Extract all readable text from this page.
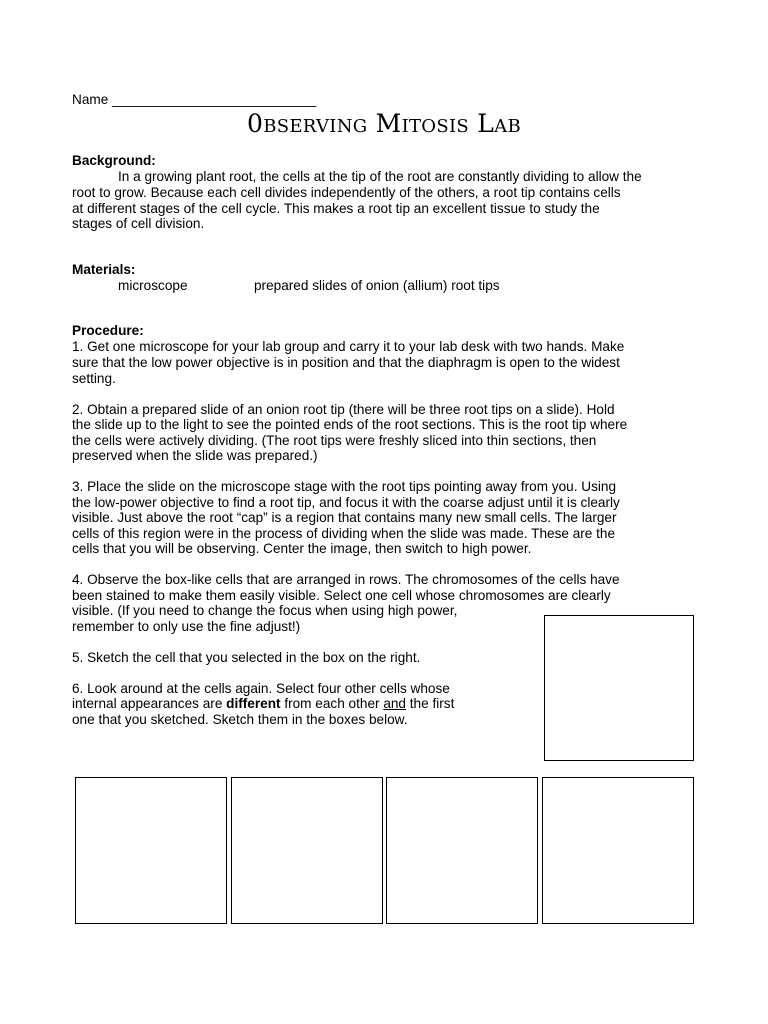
Name ___________________________
0bserving Mitosis Lab
Background:
In a growing plant root, the cells at the tip of the root are constantly dividing to allow the
root to grow. Because each cell divides independently of the others, a root tip contains cells
at different stages of the cell cycle. This makes a root tip an excellent tissue to study the
stages of cell division.
Materials:
microscope	prepared slides of onion (allium) root tips
Procedure:
1. Get one microscope for your lab group and carry it to your lab desk with two hands. Make
sure that the low power objective is in position and that the diaphragm is open to the widest
setting.
2. Obtain a prepared slide of an onion root tip (there will be three root tips on a slide). Hold
the slide up to the light to see the pointed ends of the root sections. This is the root tip where
the cells were actively dividing. (The root tips were freshly sliced into thin sections, then
preserved when the slide was prepared.)
3. Place the slide on the microscope stage with the root tips pointing away from you. Using
the low-power objective to find a root tip, and focus it with the coarse adjust until it is clearly
visible. Just above the root “cap” is a region that contains many new small cells. The larger
cells of this region were in the process of dividing when the slide was made. These are the
cells that you will be observing. Center the image, then switch to high power.
4. Observe the box-like cells that are arranged in rows. The chromosomes of the cells have
been stained to make them easily visible. Select one cell whose chromosomes are clearly
visible. (If you need to change the focus when using high power,
remember to only use the fine adjust!)
5. Sketch the cell that you selected in the box on the right.
6. Look around at the cells again. Select four other cells whose
internal appearances are different from each other and the first
one that you sketched. Sketch them in the boxes below.
